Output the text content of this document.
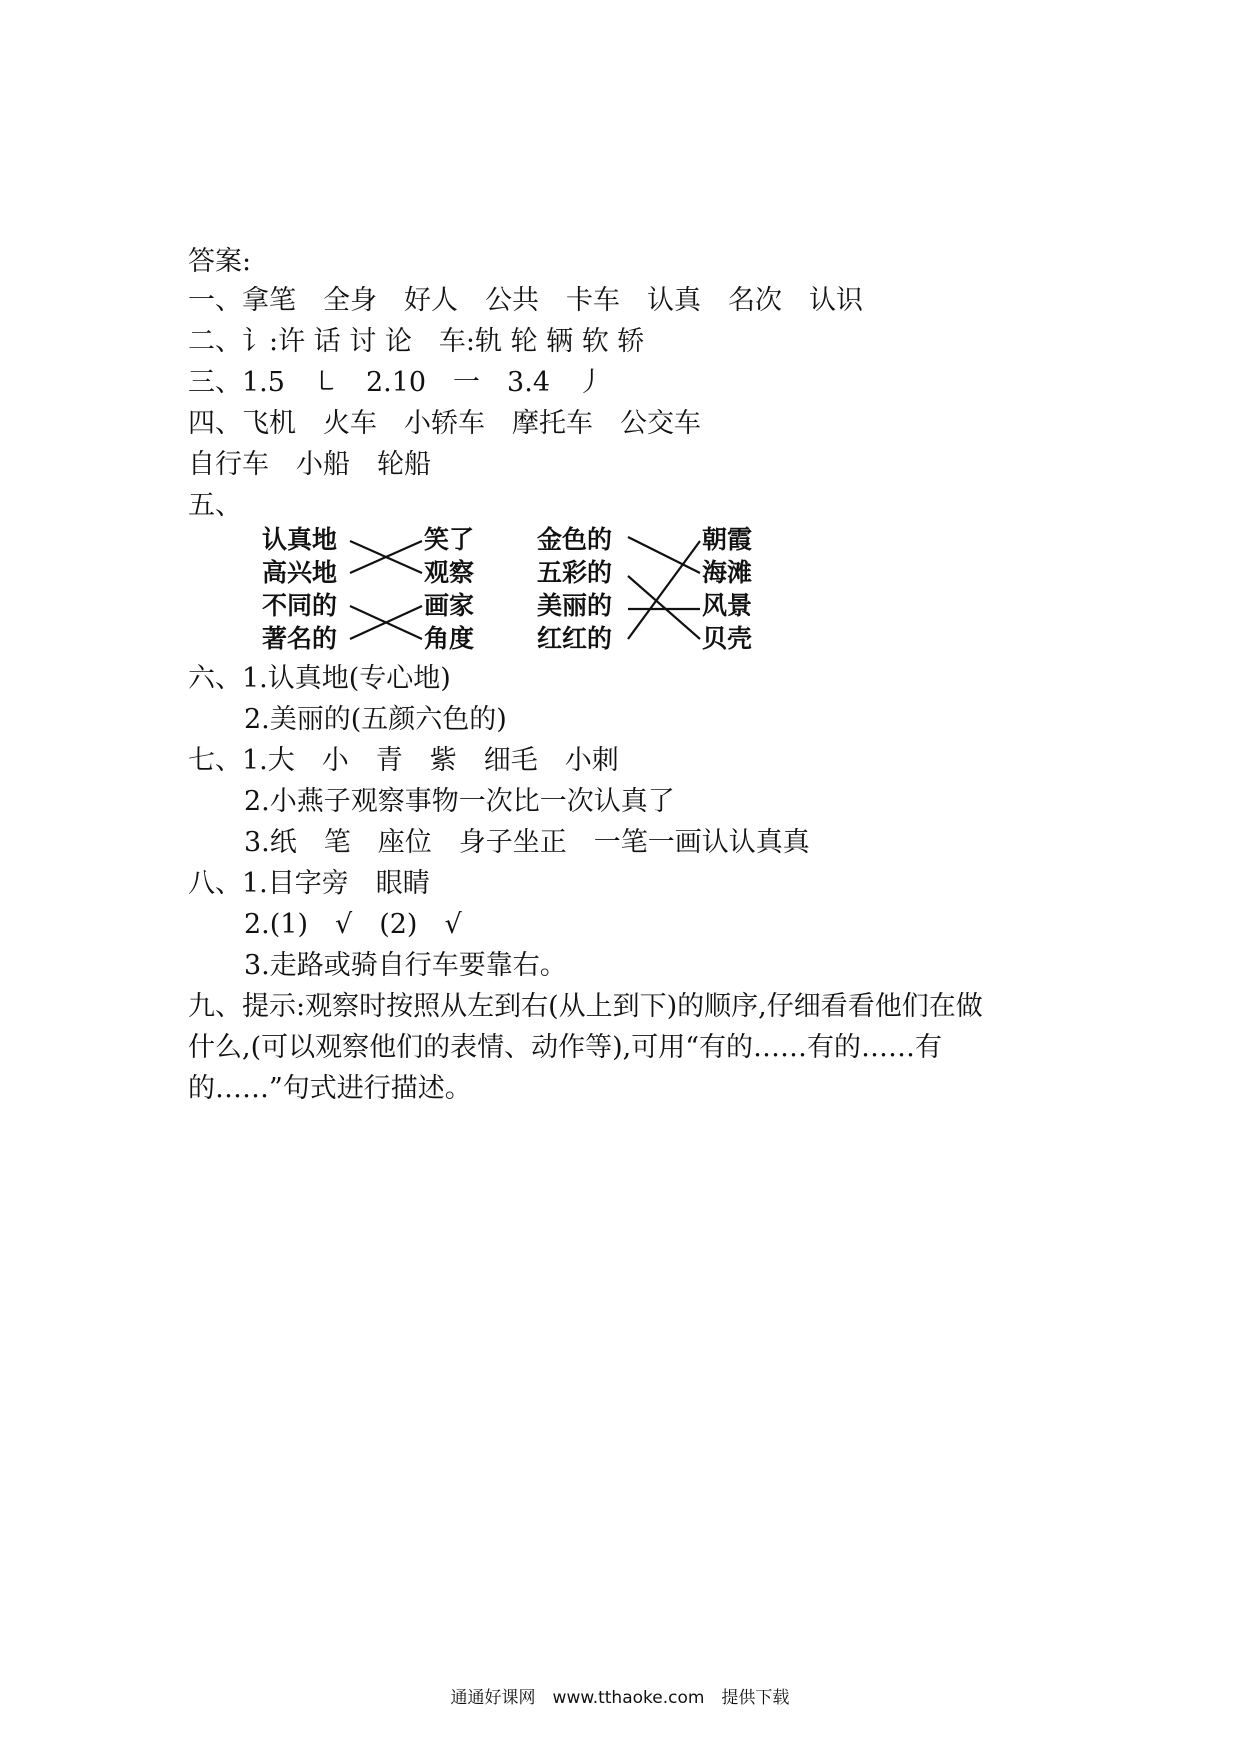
答案:
一、拿笔　全身　好人　公共　卡车　认真　名次　认识
二、讠:许 话 讨 论　车:轨 轮 辆 软 轿
三、1.5　㇄　2.10　一　3.4　丿
四、飞机　火车　小轿车　摩托车　公交车
自行车　小船　轮船
五、
认真地
高兴地
不同的
著名的
笑了
观察
画家
角度
金色的
五彩的
美丽的
红红的
朝霞
海滩
风景
贝壳
六、1.认真地(专心地)
2.美丽的(五颜六色的)
七、1.大　小　青　紫　细毛　小刺
2.小燕子观察事物一次比一次认真了
3.纸　笔　座位　身子坐正　一笔一画认认真真
八、1.目字旁　眼睛
2.(1)　√　(2)　√
3.走路或骑自行车要靠右。
九、提示:观察时按照从左到右(从上到下)的顺序,仔细看看他们在做
什么,(可以观察他们的表情、动作等),可用“有的……有的……有
的……”句式进行描述。
通通好课网　www.tthaoke.com　提供下载
